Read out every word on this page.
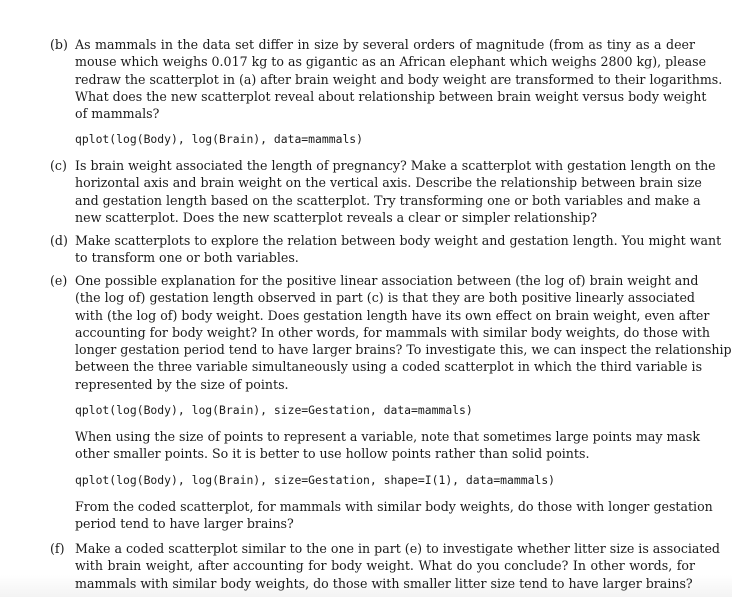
(b) As mammals in the data set differ in size by several orders of magnitude (from as tiny as a deer
mouse which weighs 0.017 kg to as gigantic as an African elephant which weighs 2800 kg), please
redraw the scatterplot in (a) after brain weight and body weight are transformed to their logarithms.
What does the new scatterplot reveal about relationship between brain weight versus body weight
of mammals?
qplot(log(Body), log(Brain), data=mammals)
(c) Is brain weight associated the length of pregnancy? Make a scatterplot with gestation length on the
horizontal axis and brain weight on the vertical axis. Describe the relationship between brain size
and gestation length based on the scatterplot. Try transforming one or both variables and make a
new scatterplot. Does the new scatterplot reveals a clear or simpler relationship?
(d) Make scatterplots to explore the relation between body weight and gestation length. You might want
to transform one or both variables.
(e) One possible explanation for the positive linear association between (the log of) brain weight and
(the log of) gestation length observed in part (c) is that they are both positive linearly associated
with (the log of) body weight. Does gestation length have its own effect on brain weight, even after
accounting for body weight? In other words, for mammals with similar body weights, do those with
longer gestation period tend to have larger brains? To investigate this, we can inspect the relationship
between the three variable simultaneously using a coded scatterplot in which the third variable is
represented by the size of points.
qplot(log(Body), log(Brain), size=Gestation, data=mammals)
When using the size of points to represent a variable, note that sometimes large points may mask
other smaller points. So it is better to use hollow points rather than solid points.
qplot(log(Body), log(Brain), size=Gestation, shape=I(1), data=mammals)
From the coded scatterplot, for mammals with similar body weights, do those with longer gestation
period tend to have larger brains?
(f) Make a coded scatterplot similar to the one in part (e) to investigate whether litter size is associated
with brain weight, after accounting for body weight. What do you conclude? In other words, for
mammals with similar body weights, do those with smaller litter size tend to have larger brains?
